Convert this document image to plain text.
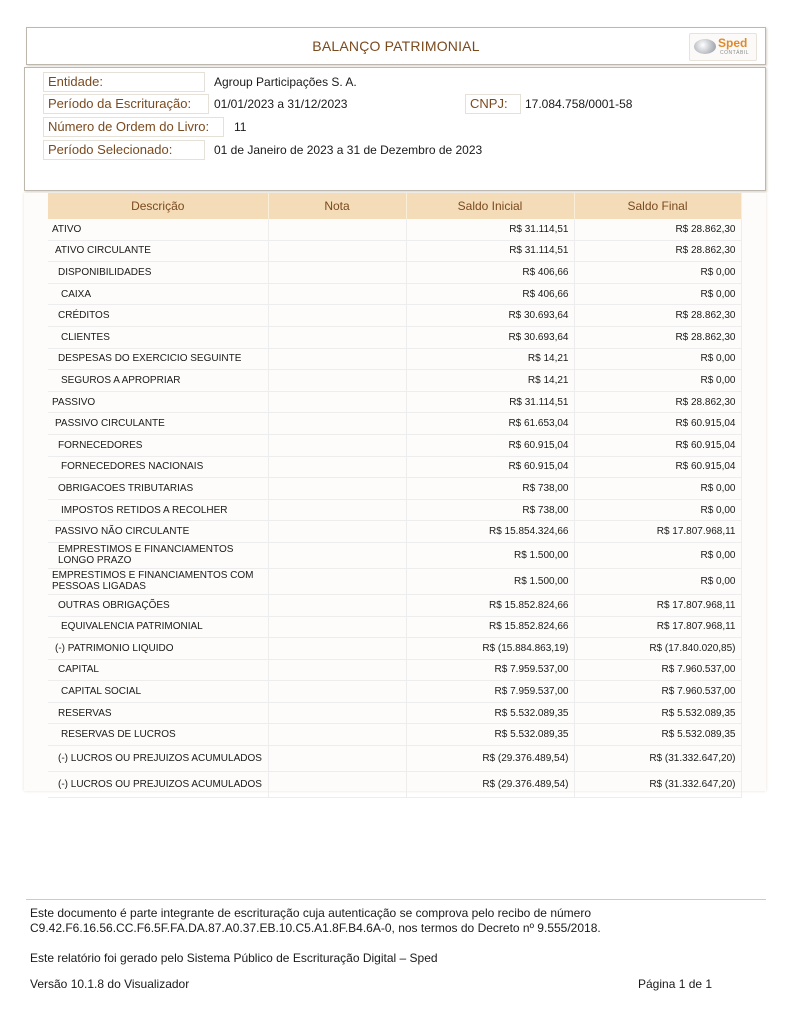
BALANÇO PATRIMONIAL	Sped
CONTÁBIL
Entidade:	Agroup Participações S. A.
Período da Escrituração:	01/01/2023 a 31/12/2023	CNPJ:	17.084.758/0001-58
Número de Ordem do Livro:	11
Período Selecionado:	01 de Janeiro de 2023 a 31 de Dezembro de 2023
Descrição	Nota	Saldo Inicial	Saldo Final
ATIVO		R$ 31.114,51	R$ 28.862,30
ATIVO CIRCULANTE		R$ 31.114,51	R$ 28.862,30
DISPONIBILIDADES		R$ 406,66	R$ 0,00
CAIXA		R$ 406,66	R$ 0,00
CRÉDITOS		R$ 30.693,64	R$ 28.862,30
CLIENTES		R$ 30.693,64	R$ 28.862,30
DESPESAS DO EXERCICIO SEGUINTE		R$ 14,21	R$ 0,00
SEGUROS A APROPRIAR		R$ 14,21	R$ 0,00
PASSIVO		R$ 31.114,51	R$ 28.862,30
PASSIVO CIRCULANTE		R$ 61.653,04	R$ 60.915,04
FORNECEDORES		R$ 60.915,04	R$ 60.915,04
FORNECEDORES NACIONAIS		R$ 60.915,04	R$ 60.915,04
OBRIGACOES TRIBUTARIAS		R$ 738,00	R$ 0,00
IMPOSTOS RETIDOS A RECOLHER		R$ 738,00	R$ 0,00
PASSIVO NÃO CIRCULANTE		R$ 15.854.324,66	R$ 17.807.968,11
EMPRESTIMOS E FINANCIAMENTOS LONGO PRAZO		R$ 1.500,00	R$ 0,00
EMPRESTIMOS E FINANCIAMENTOS COM PESSOAS LIGADAS		R$ 1.500,00	R$ 0,00
OUTRAS OBRIGAÇÕES		R$ 15.852.824,66	R$ 17.807.968,11
EQUIVALENCIA PATRIMONIAL		R$ 15.852.824,66	R$ 17.807.968,11
(-) PATRIMONIO LIQUIDO		R$ (15.884.863,19)	R$ (17.840.020,85)
CAPITAL		R$ 7.959.537,00	R$ 7.960.537,00
CAPITAL SOCIAL		R$ 7.959.537,00	R$ 7.960.537,00
RESERVAS		R$ 5.532.089,35	R$ 5.532.089,35
RESERVAS DE LUCROS		R$ 5.532.089,35	R$ 5.532.089,35
(-) LUCROS OU PREJUIZOS ACUMULADOS		R$ (29.376.489,54)	R$ (31.332.647,20)
(-) LUCROS OU PREJUIZOS ACUMULADOS		R$ (29.376.489,54)	R$ (31.332.647,20)
Este documento é parte integrante de escrituração cuja autenticação se comprova pelo recibo de número
C9.42.F6.16.56.CC.F6.5F.FA.DA.87.A0.37.EB.10.C5.A1.8F.B4.6A-0, nos termos do Decreto nº 9.555/2018.
Este relatório foi gerado pelo Sistema Público de Escrituração Digital – Sped
Versão 10.1.8 do Visualizador	Página 1 de 1
